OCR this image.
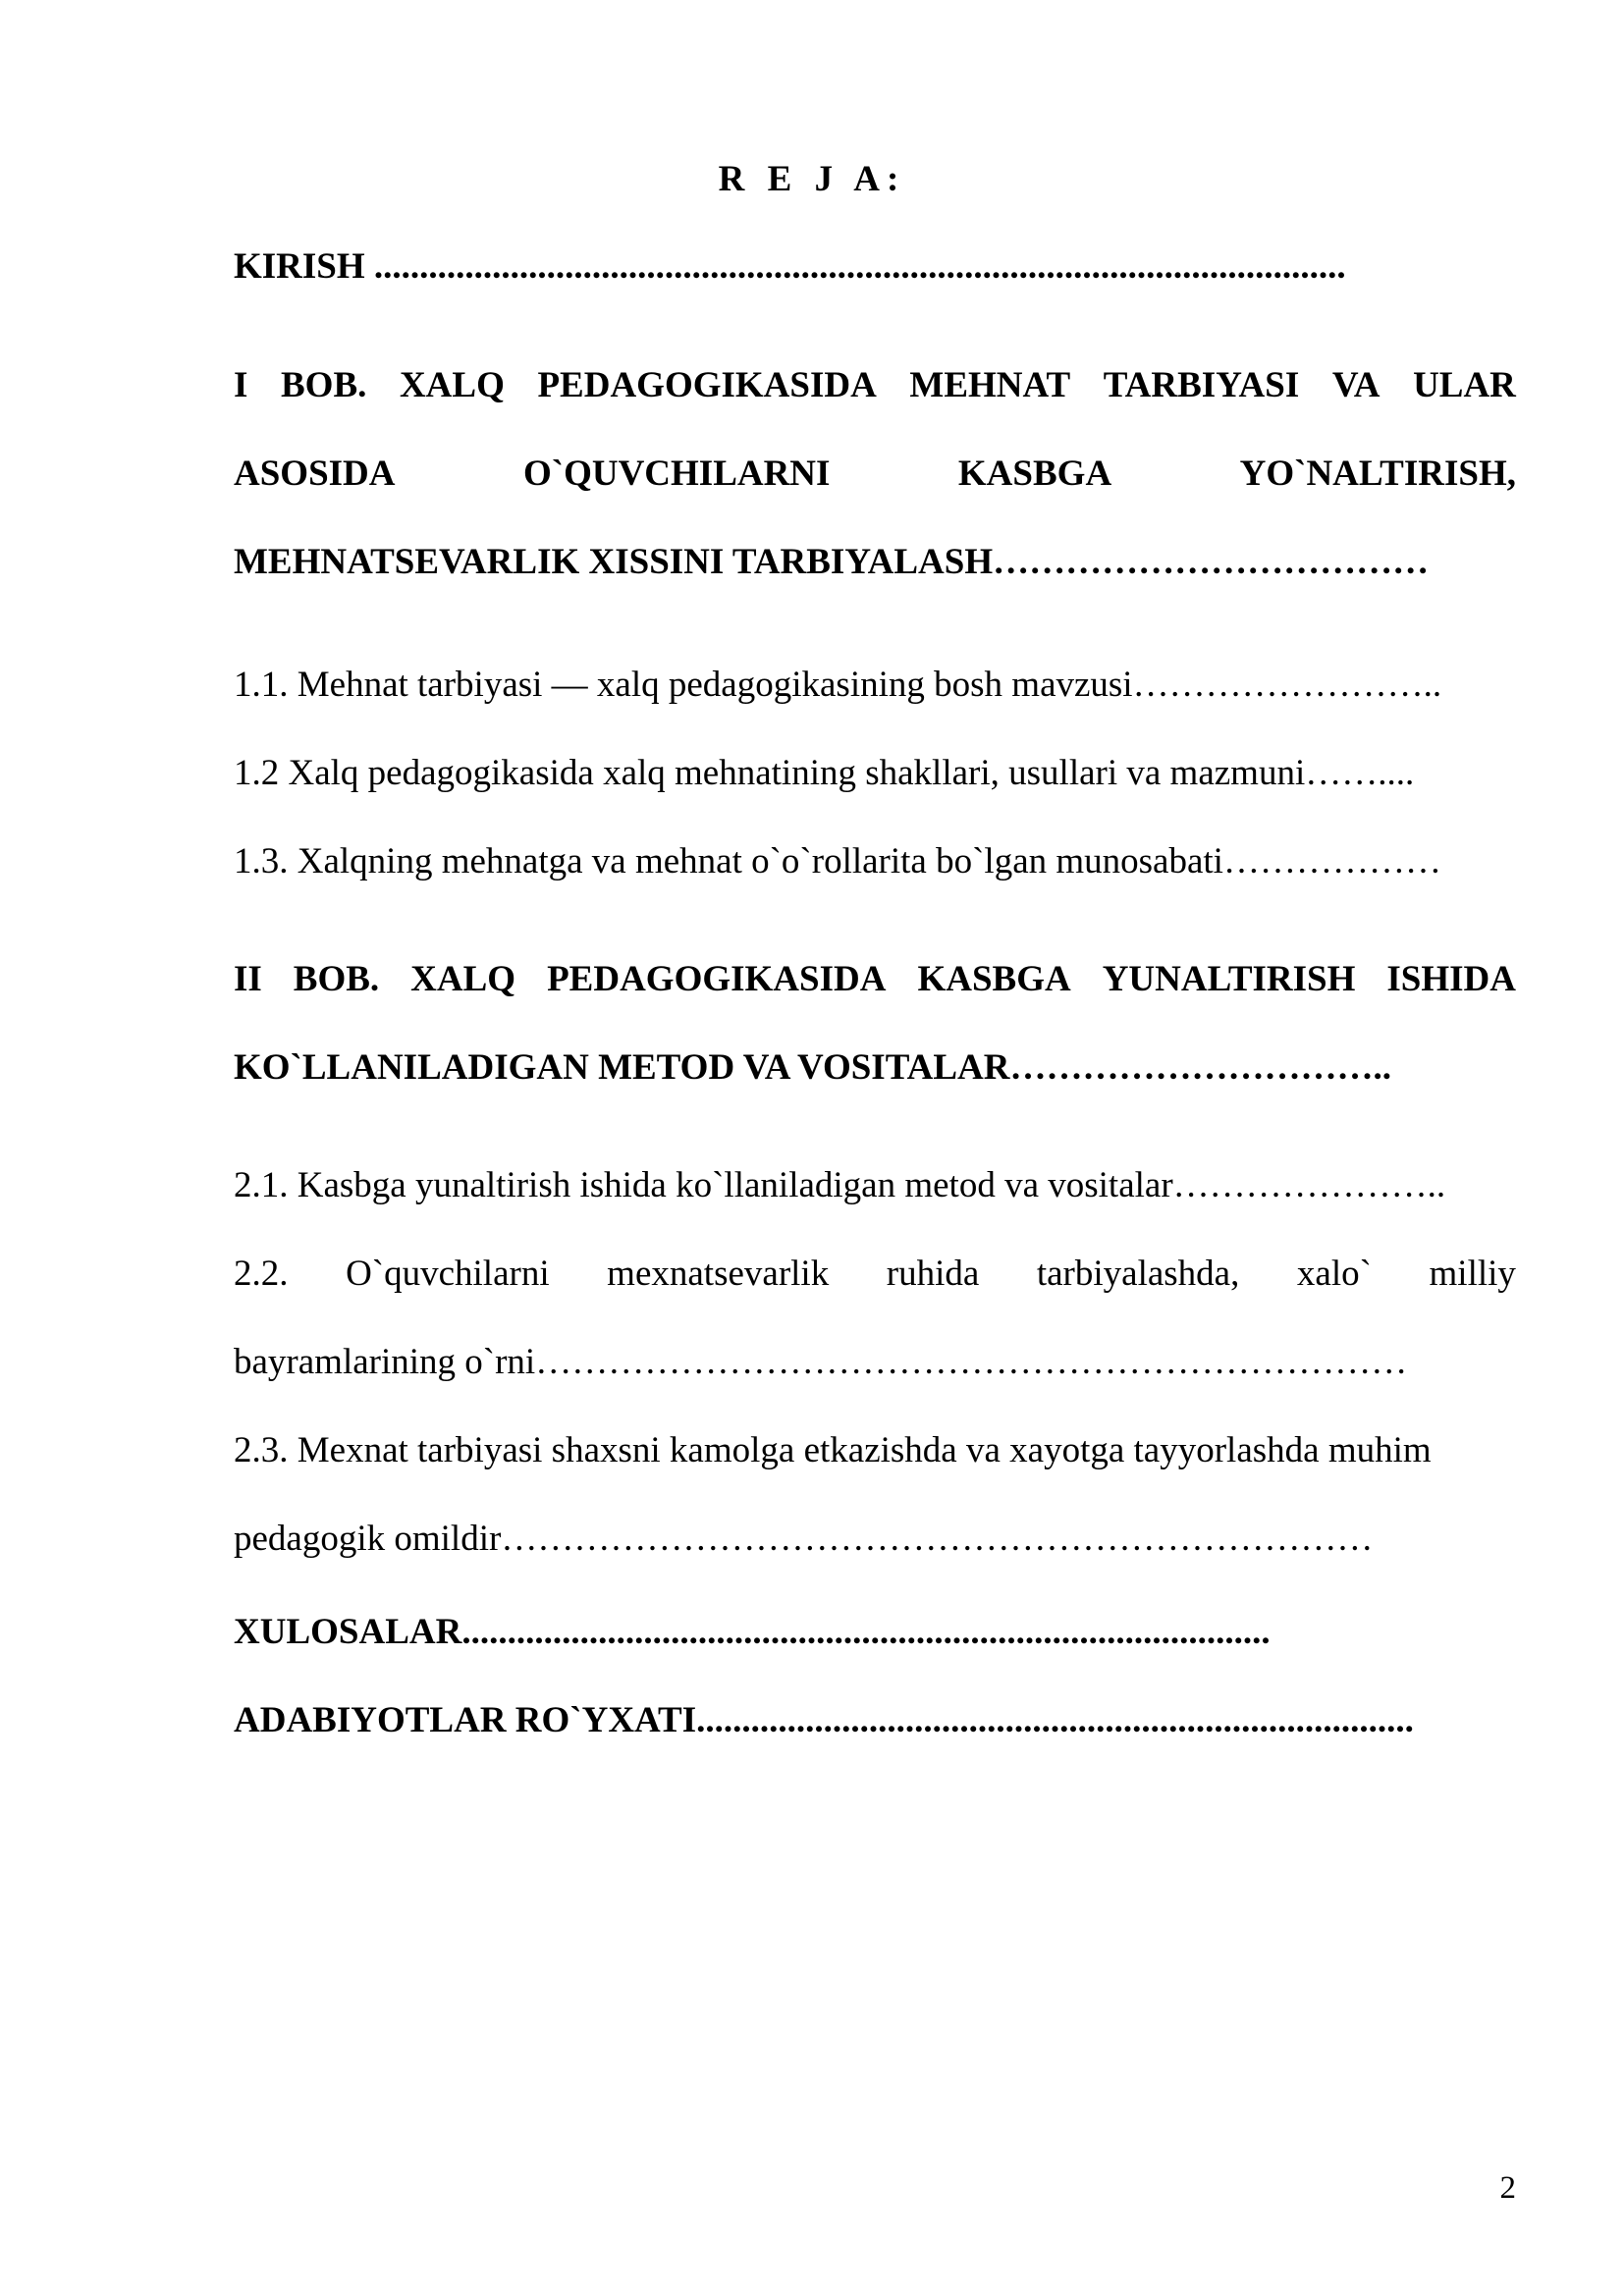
R E J A:
KIRISH ...........................................................................................................
I BOB. XALQ PEDAGOGIKASIDA MEHNAT TARBIYASI VA ULAR
ASOSIDA	O`QUVCHILARNI	KASBGA	YO`NALTIRISH,
MEHNATSEVARLIK XISSINI TARBIYALASH………………………………
1.1. Mehnat tarbiyasi — xalq pedagogikasining bosh mavzusi……………………..
1.2 Xalq pedagogikasida xalq mehnatining shakllari, usullari va mazmuni……....
1.3. Xalqning mehnatga va mehnat o`o`rollarita bo`lgan munosabati………………
II BOB. XALQ PEDAGOGIKASIDA KASBGA YUNALTIRISH ISHIDA
KO`LLANILADIGAN METOD VA VOSITALAR…………………………..
2.1. Kasbga yunaltirish ishida ko`llaniladigan metod va vositalar…………………..
2.2. O`quvchilarni mexnatsevarlik ruhida tarbiyalashda, xalo` milliy
bayramlarining o`rni………………………………………………………………
2.3. Mexnat tarbiyasi shaxsni kamolga etkazishda va xayotga tayyorlashda muhim
pedagogik omildir………………………………………………………………
XULOSALAR.........................................................................................
ADABIYOTLAR RO`YXATI...............................................................................
2
